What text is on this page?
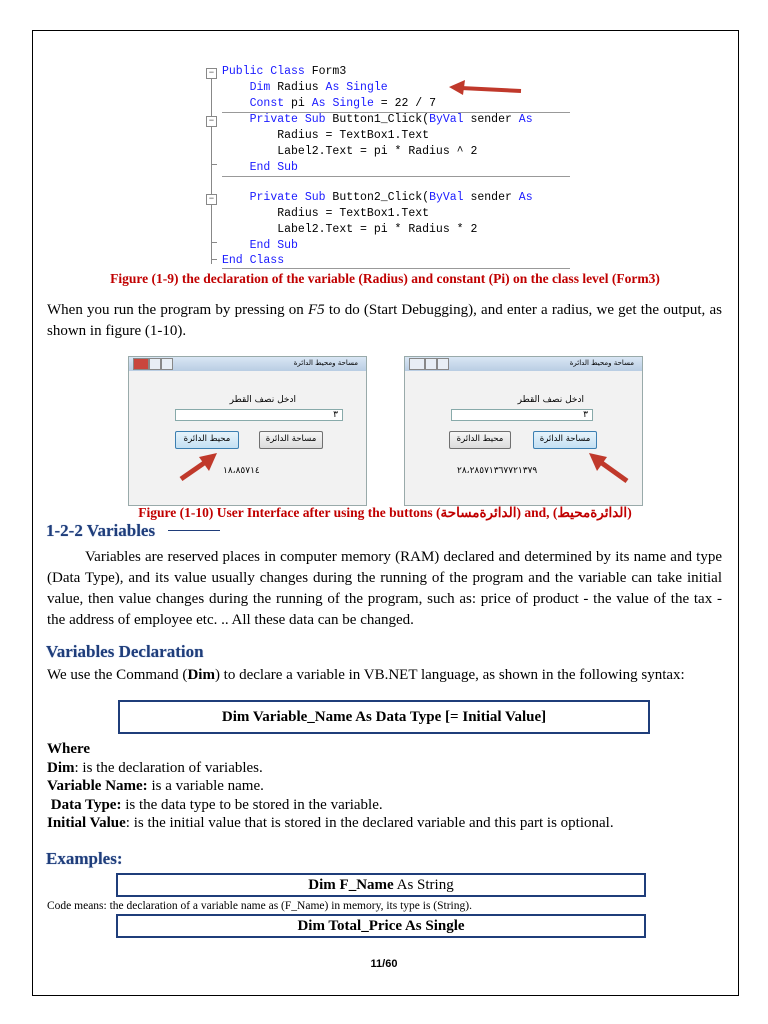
−
−
−
Public Class Form3
Dim Radius As Single
Const pi As Single = 22 / 7
Private Sub Button1_Click(ByVal sender As
Radius = TextBox1.Text
Label2.Text = pi * Radius ^ 2
End Sub
Private Sub Button2_Click(ByVal sender As
Radius = TextBox1.Text
Label2.Text = pi * Radius * 2
End Sub
End Class
Figure (1-9) the declaration of the variable (Radius) and constant (Pi) on the class level (Form3)
When you run the program by pressing on F5 to do (Start Debugging), and enter a radius, we get the output, as shown in figure (1-10).
مساحة ومحيط الدائرة
ادخل نصف القطر
٣
محيط الدائرة	مساحة الدائرة
١٨،٨٥٧١٤
مساحة ومحيط الدائرة
ادخل نصف القطر
٣
محيط الدائرة	مساحة الدائرة
٢٨،٢٨٥٧١٣٦٧٧٢١٣٧٩
Figure (1-10) User Interface after using the buttons (الدائرةمساحة) and, (الدائرةمحيط)
1-2-2 Variables
Variables are reserved places in computer memory (RAM) declared and determined by its name and type (Data Type), and its value usually changes during the running of the program and the variable can take initial value, then value changes during the running of the program, such as: price of product - the value of the tax - the address of employee etc. .. All these data can be changed.
Variables Declaration
We use the Command (Dim) to declare a variable in VB.NET language, as shown in the following syntax:
Dim Variable_Name As Data Type [= Initial Value]
Where
Dim: is the declaration of variables.
Variable Name: is a variable name.
Data Type: is the data type to be stored in the variable.
Initial Value: is the initial value that is stored in the declared variable and this part is optional.
Examples:
Dim F_Name As String
Code means: the declaration of a variable name as (F_Name) in memory, its type is (String).
Dim Total_Price As Single
11/60
